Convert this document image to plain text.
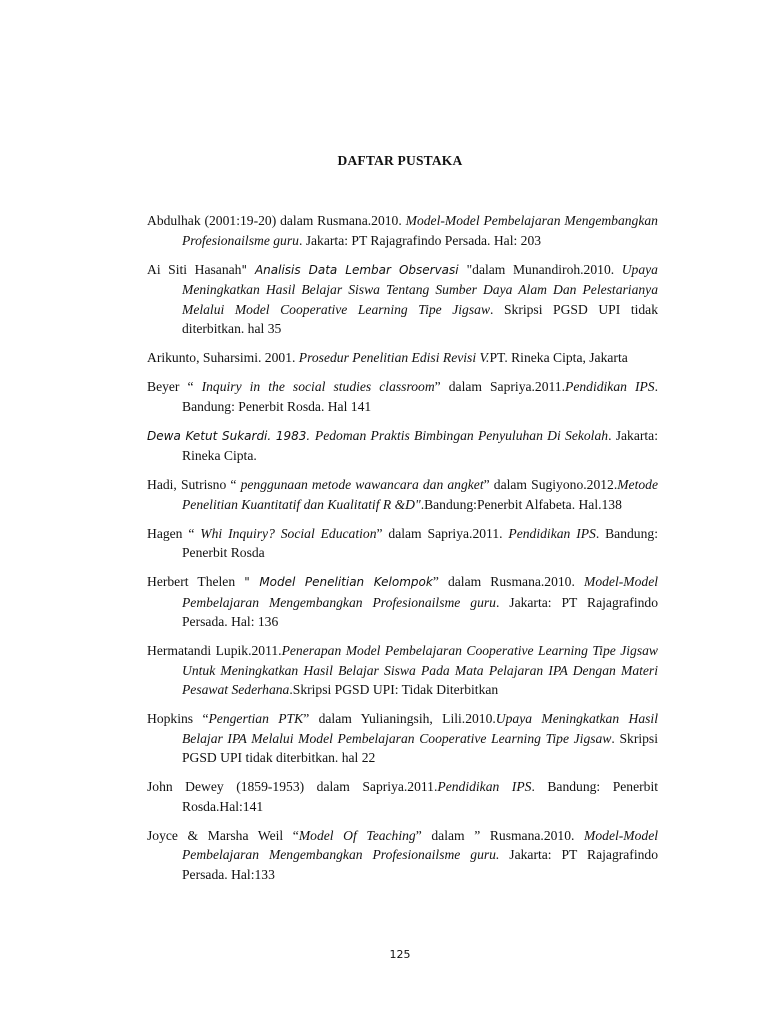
DAFTAR PUSTAKA

Abdulhak (2001:19-20) dalam Rusmana.2010. Model-Model Pembelajaran Mengembangkan Profesionailsme guru. Jakarta: PT Rajagrafindo Persada. Hal: 203

Ai Siti Hasanah" Analisis Data Lembar Observasi "dalam Munandiroh.2010. Upaya Meningkatkan Hasil Belajar Siswa Tentang Sumber Daya Alam Dan Pelestarianya Melalui Model Cooperative Learning Tipe Jigsaw. Skripsi PGSD UPI tidak diterbitkan. hal 35

Arikunto, Suharsimi. 2001. Prosedur Penelitian Edisi Revisi V.PT. Rineka Cipta, Jakarta

Beyer “ Inquiry in the social studies classroom” dalam Sapriya.2011.Pendidikan IPS. Bandung: Penerbit Rosda. Hal 141

Dewa Ketut Sukardi. 1983. Pedoman Praktis Bimbingan Penyuluhan Di Sekolah. Jakarta: Rineka Cipta.

Hadi, Sutrisno “ penggunaan metode wawancara dan angket” dalam Sugiyono.2012.Metode Penelitian Kuantitatif dan Kualitatif R &D".Bandung:Penerbit Alfabeta. Hal.138

Hagen “ Whi Inquiry? Social Education” dalam Sapriya.2011. Pendidikan IPS. Bandung: Penerbit Rosda

Herbert Thelen " Model Penelitian Kelompok” dalam Rusmana.2010. Model-Model Pembelajaran Mengembangkan Profesionailsme guru. Jakarta: PT Rajagrafindo Persada. Hal: 136

Hermatandi Lupik.2011.Penerapan Model Pembelajaran Cooperative Learning Tipe Jigsaw Untuk Meningkatkan Hasil Belajar Siswa Pada Mata Pelajaran IPA Dengan Materi Pesawat Sederhana.Skripsi PGSD UPI: Tidak Diterbitkan

Hopkins “Pengertian PTK” dalam Yulianingsih, Lili.2010.Upaya Meningkatkan Hasil Belajar IPA Melalui Model Pembelajaran Cooperative Learning Tipe Jigsaw. Skripsi PGSD UPI tidak diterbitkan. hal 22

John Dewey (1859-1953) dalam Sapriya.2011.Pendidikan IPS. Bandung: Penerbit Rosda.Hal:141

Joyce & Marsha Weil “Model Of Teaching” dalam ” Rusmana.2010. Model-Model Pembelajaran Mengembangkan Profesionailsme guru. Jakarta: PT Rajagrafindo Persada. Hal:133

125
